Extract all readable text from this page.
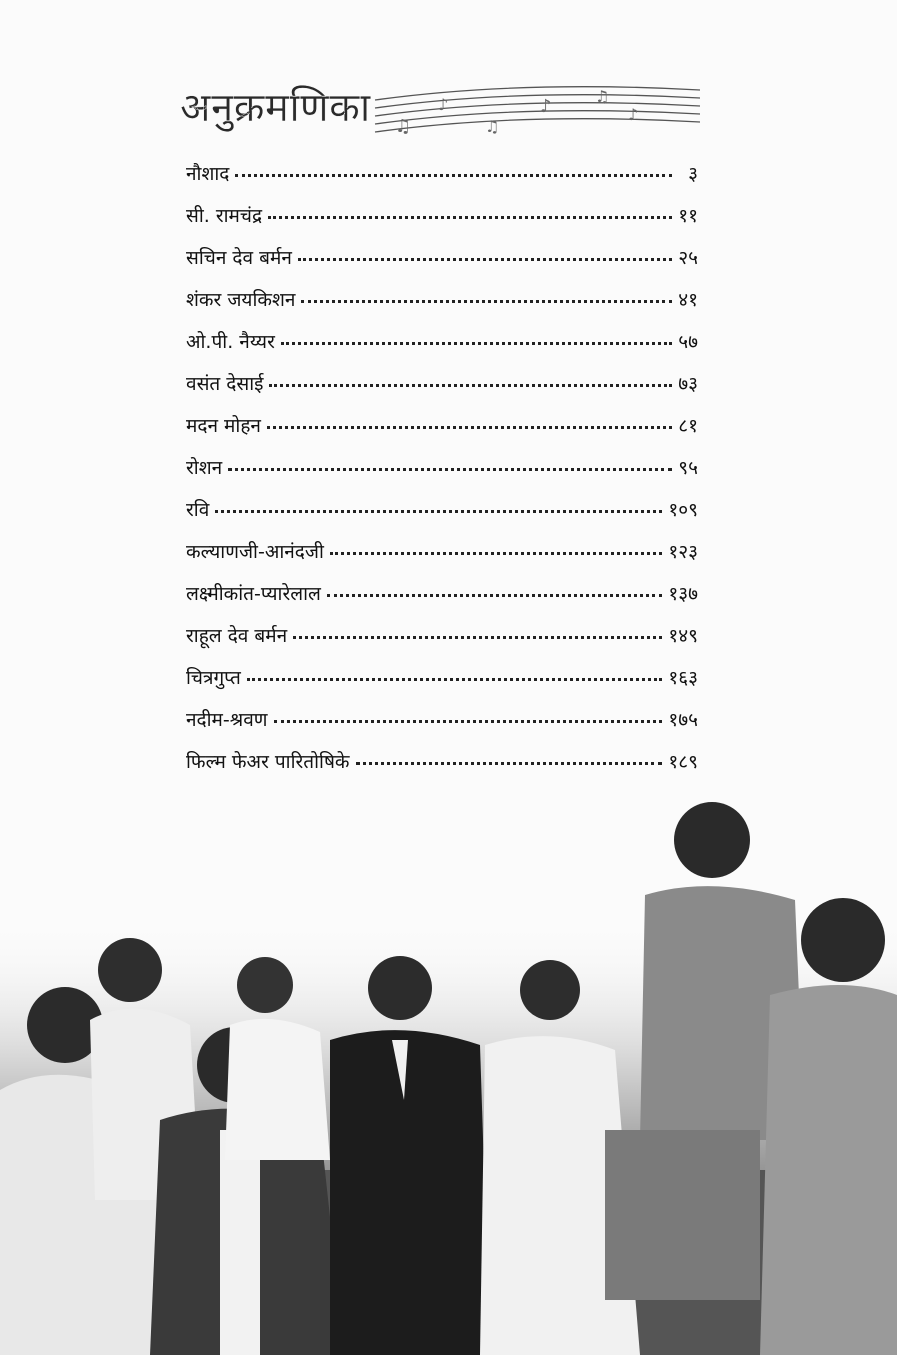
♫
♪
♫
♪	♫
♪
अनुक्रमणिका
नौशाद	३
सी. रामचंद्र	११
सचिन देव बर्मन	२५
शंकर जयकिशन	४१
ओ.पी. नैय्यर	५७
वसंत देसाई	७३
मदन मोहन	८१
रोशन	९५
रवि	१०९
कल्याणजी-आनंदजी	१२३
लक्ष्मीकांत-प्यारेलाल	१३७
राहूल देव बर्मन	१४९
चित्रगुप्त	१६३
नदीम-श्रवण	१७५
फिल्म फेअर पारितोषिके	१८९
